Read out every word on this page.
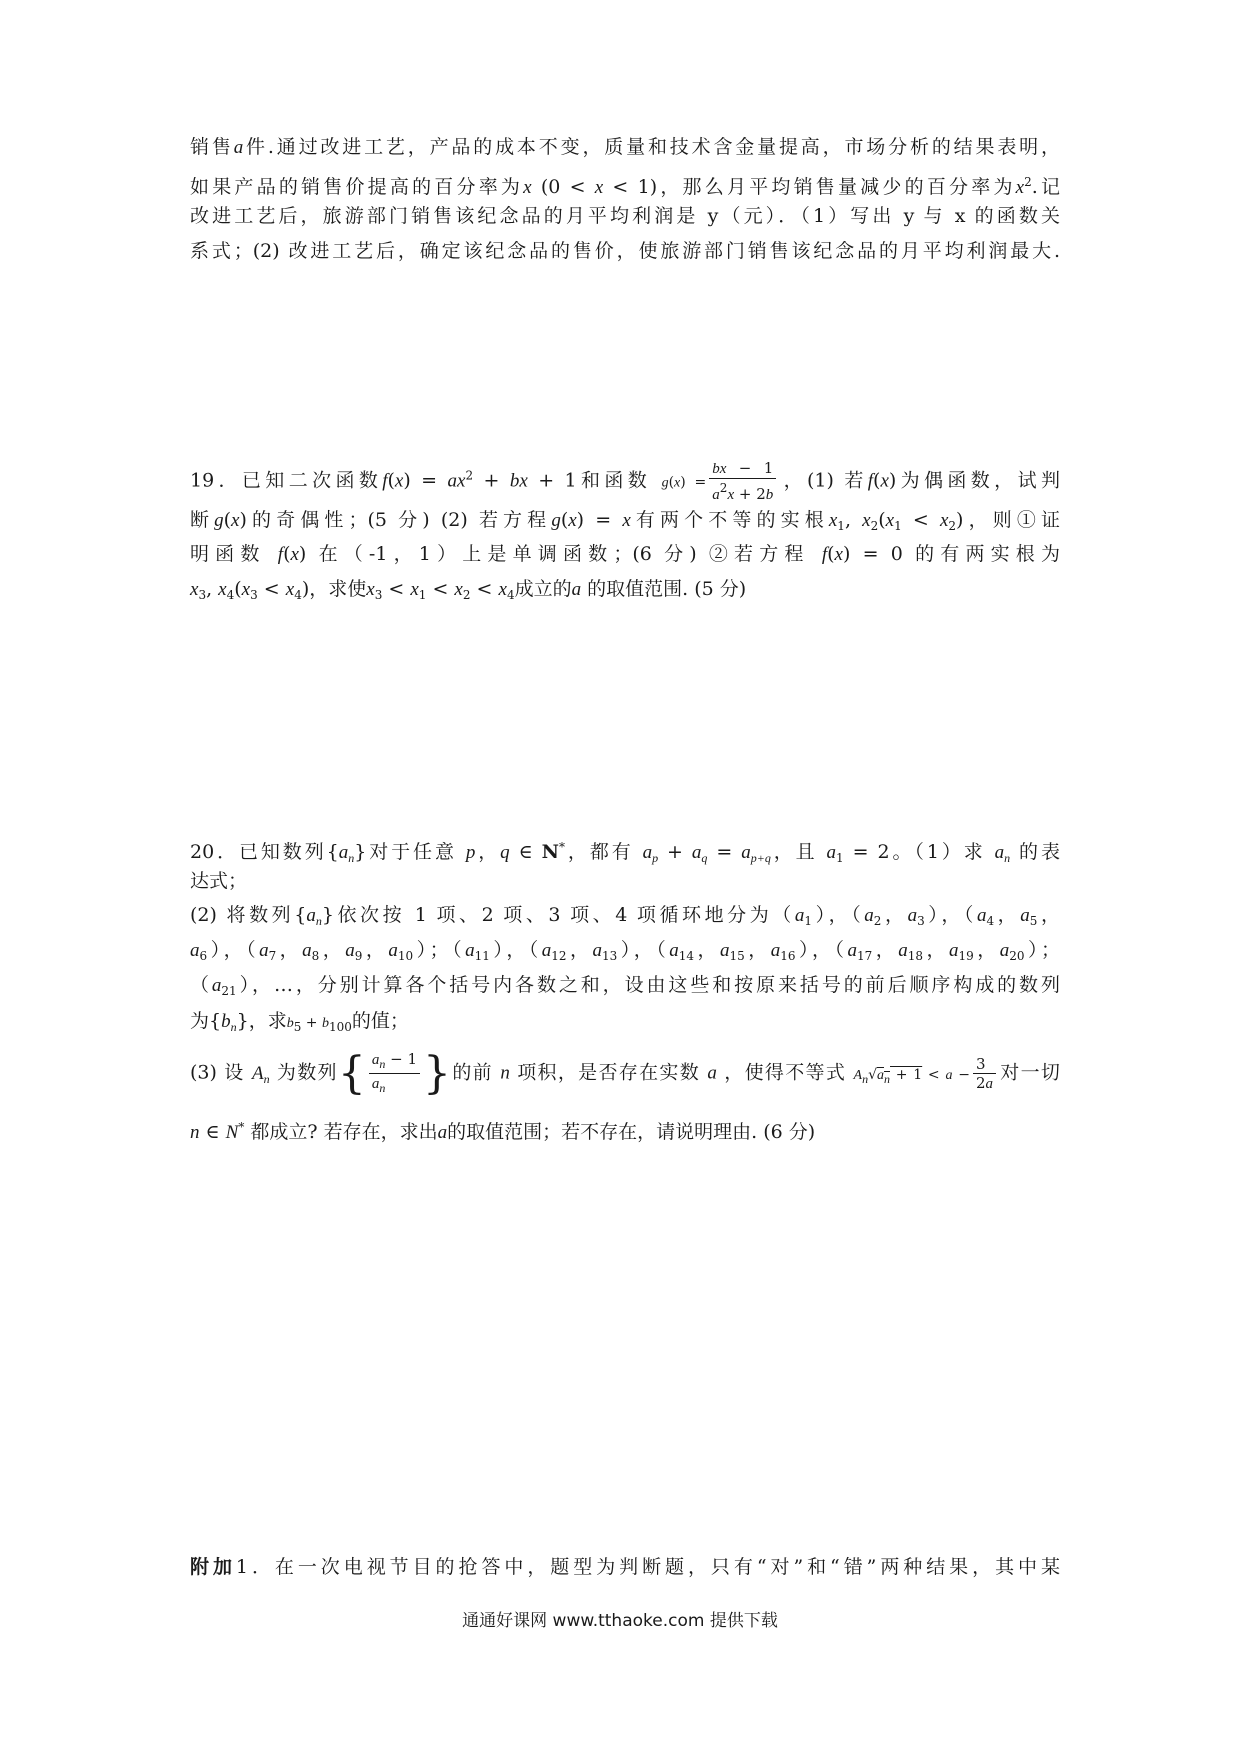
销售a件.通过改进工艺，产品的成本不变，质量和技术含金量提高，市场分析的结果表明，
如果产品的销售价提高的百分率为x (0 < x < 1)，那么月平均销售量减少的百分率为$x^2$.记
改进工艺后，旅游部门销售该纪念品的月平均利润是 y（元）．（1）写出 y 与 x 的函数关
系式；(2) 改进工艺后，确定该纪念品的售价，使旅游部门销售该纪念品的月平均利润最大.
19．已知二次函数$f(x) = ax^2$ + bx + 1和函数 $g(x) = \frac{bx - 1}{a^2x + 2b}$ ，(1) 若f(x)为偶函数，试判
断g(x)的奇偶性；(5 分) (2) 若方程g(x) = x有两个不等的实根$x_1$, $x_2(x_1 < x_2)$，则①证
明函数 f(x) 在（-1，1）上是单调函数；(6 分) ②若方程 f(x) = 0 的有两实根为
$x_3$, $x_4(x_3 < x_4)$，求使$x_3 < x_1 < x_2 < x_4$成立的a 的取值范围. (5 分)
20．已知数列$\{a_n\}$对于任意 p，q ∈ N*，都有 $a_p + a_q = a_{p+q}$，且 $a_1 = 2$。（1）求 $a_n$ 的表
达式；
(2) 将数列$\{a_n\}$依次按 1 项、2 项、3 项、4 项循环地分为$(a_1)$，（$a_2$，$a_3$），（$a_4$，$a_5$，
$a_6$），（$a_7$，$a_8$，$a_9$，$a_{10}$）；$(a_{11})$，（$a_{12}$，$a_{13}$），（$a_{14}$，$a_{15}$，$a_{16}$），（$a_{17}$，$a_{18}$，$a_{19}$，$a_{20}$）；
$(a_{21})$，…，分别计算各个括号内各数之和，设由这些和按原来括号的前后顺序构成的数列
为$\{b_n\}$，求$b_5 + b_{100}$的值；
(3) 设 $A_n$ 为数列{ $\frac{a_n - 1}{a_n}$ }的前 n 项积，是否存在实数 a ，使得不等式 $A_n√a_n + 1 < a - \frac{3}{2a}$ 对一切
n ∈ N* 都成立? 若存在，求出a的取值范围；若不存在，请说明理由. (6 分)
附加1．在一次电视节目的抢答中，题型为判断题，只有“对”和“错”两种结果，其中某
通通好课网 www.tthaoke.com 提供下载
